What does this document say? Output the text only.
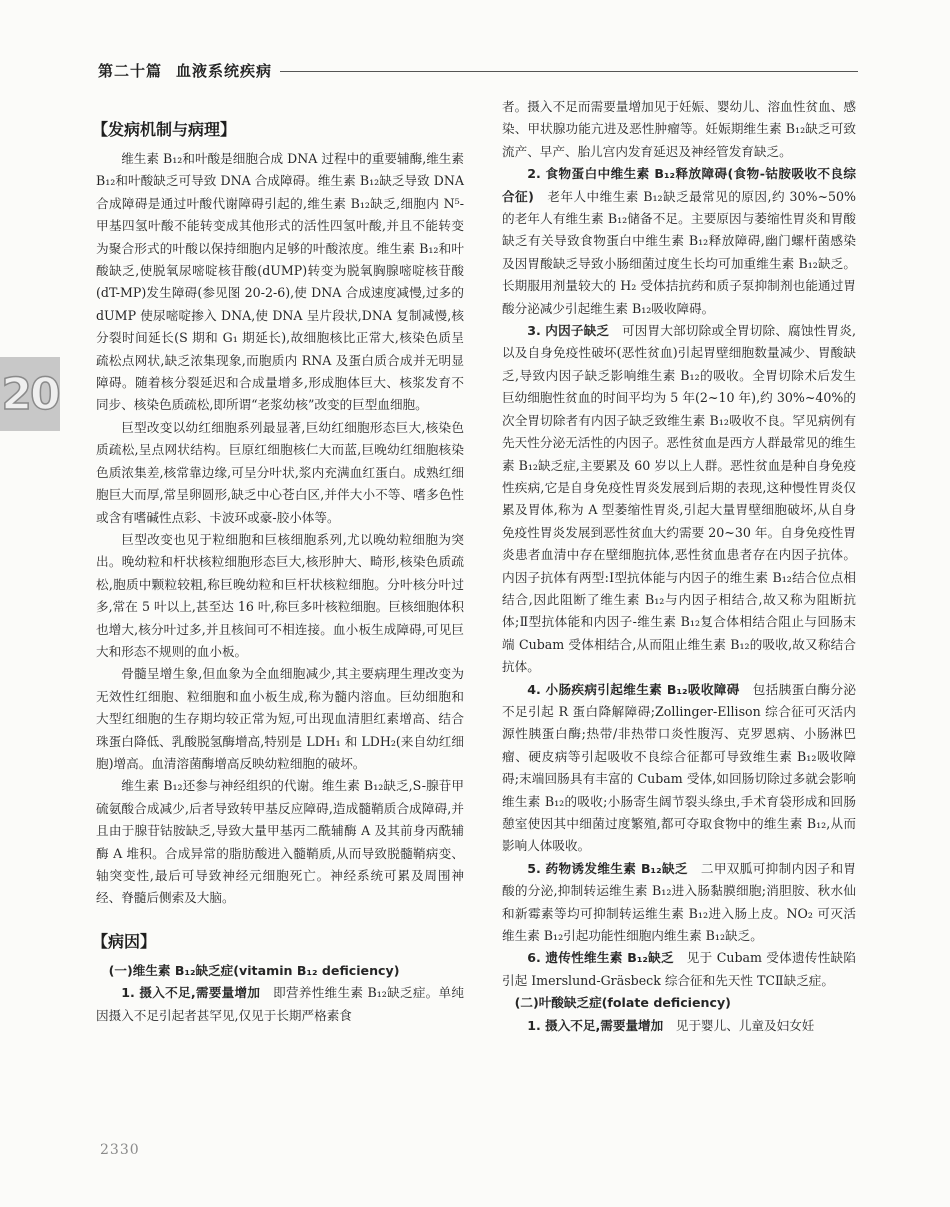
第二十篇 血液系统疾病
20
【发病机制与病理】

维生素 B₁₂和叶酸是细胞合成 DNA 过程中的重要辅酶,维生素 B₁₂和叶酸缺乏可导致 DNA 合成障碍。维生素 B₁₂缺乏导致 DNA 合成障碍是通过叶酸代谢障碍引起的,维生素 B₁₂缺乏,细胞内 N⁵-甲基四氢叶酸不能转变成其他形式的活性四氢叶酸,并且不能转变为聚合形式的叶酸以保持细胞内足够的叶酸浓度。维生素 B₁₂和叶酸缺乏,使脱氧尿嘧啶核苷酸(dUMP)转变为脱氧胸腺嘧啶核苷酸(dT-MP)发生障碍(参见图 20-2-6),使 DNA 合成速度减慢,过多的 dUMP 使尿嘧啶掺入 DNA,使 DNA 呈片段状,DNA 复制减慢,核分裂时间延长(S 期和 G₁ 期延长),故细胞核比正常大,核染色质呈疏松点网状,缺乏浓集现象,而胞质内 RNA 及蛋白质合成并无明显障碍。随着核分裂延迟和合成量增多,形成胞体巨大、核浆发育不同步、核染色质疏松,即所谓“老浆幼核”改变的巨型血细胞。

巨型改变以幼红细胞系列最显著,巨幼红细胞形态巨大,核染色质疏松,呈点网状结构。巨原红细胞核仁大而蓝,巨晚幼红细胞核染色质浓集差,核常靠边缘,可呈分叶状,浆内充满血红蛋白。成熟红细胞巨大而厚,常呈卵圆形,缺乏中心苍白区,并伴大小不等、嗜多色性或含有嗜碱性点彩、卡波环或豪-胶小体等。

巨型改变也见于粒细胞和巨核细胞系列,尤以晚幼粒细胞为突出。晚幼粒和杆状核粒细胞形态巨大,核形肿大、畸形,核染色质疏松,胞质中颗粒较粗,称巨晚幼粒和巨杆状核粒细胞。分叶核分叶过多,常在 5 叶以上,甚至达 16 叶,称巨多叶核粒细胞。巨核细胞体积也增大,核分叶过多,并且核间可不相连接。血小板生成障碍,可见巨大和形态不规则的血小板。

骨髓呈增生象,但血象为全血细胞减少,其主要病理生理改变为无效性红细胞、粒细胞和血小板生成,称为髓内溶血。巨幼细胞和大型红细胞的生存期均较正常为短,可出现血清胆红素增高、结合珠蛋白降低、乳酸脱氢酶增高,特别是 LDH₁ 和 LDH₂(来自幼红细胞)增高。血清溶菌酶增高反映幼粒细胞的破坏。

维生素 B₁₂还参与神经组织的代谢。维生素 B₁₂缺乏,S-腺苷甲硫氨酸合成减少,后者导致转甲基反应障碍,造成髓鞘质合成障碍,并且由于腺苷钴胺缺乏,导致大量甲基丙二酰辅酶 A 及其前身丙酰辅酶 A 堆积。合成异常的脂肪酸进入髓鞘质,从而导致脱髓鞘病变、轴突变性,最后可导致神经元细胞死亡。神经系统可累及周围神经、脊髓后侧索及大脑。

【病因】
(一)维生素 B₁₂缺乏症(vitamin B₁₂ deficiency)

1. 摄入不足,需要量增加　 即营养性维生素 B₁₂缺乏症。单纯因摄入不足引起者甚罕见,仅见于长期严格素食

者。摄入不足而需要量增加见于妊娠、婴幼儿、溶血性贫血、感染、甲状腺功能亢进及恶性肿瘤等。妊娠期维生素 B₁₂缺乏可致流产、早产、胎儿宫内发育延迟及神经管发育缺乏。

2. 食物蛋白中维生素 B₁₂释放障碍(食物-钴胺吸收不良综合征)　 老年人中维生素 B₁₂缺乏最常见的原因,约 30%~50%的老年人有维生素 B₁₂储备不足。主要原因与萎缩性胃炎和胃酸缺乏有关导致食物蛋白中维生素 B₁₂释放障碍,幽门螺杆菌感染及因胃酸缺乏导致小肠细菌过度生长均可加重维生素 B₁₂缺乏。长期服用剂量较大的 H₂ 受体拮抗药和质子泵抑制剂也能通过胃酸分泌减少引起维生素 B₁₂吸收障碍。

3. 内因子缺乏　 可因胃大部切除或全胃切除、腐蚀性胃炎,以及自身免疫性破坏(恶性贫血)引起胃壁细胞数量减少、胃酸缺乏,导致内因子缺乏影响维生素 B₁₂的吸收。全胃切除术后发生巨幼细胞性贫血的时间平均为 5 年(2~10 年),约 30%~40%的次全胃切除者有内因子缺乏致维生素 B₁₂吸收不良。罕见病例有先天性分泌无活性的内因子。恶性贫血是西方人群最常见的维生素 B₁₂缺乏症,主要累及 60 岁以上人群。恶性贫血是种自身免疫性疾病,它是自身免疫性胃炎发展到后期的表现,这种慢性胃炎仅累及胃体,称为 A 型萎缩性胃炎,引起大量胃壁细胞破坏,从自身免疫性胃炎发展到恶性贫血大约需要 20~30 年。自身免疫性胃炎患者血清中存在壁细胞抗体,恶性贫血患者存在内因子抗体。内因子抗体有两型:Ⅰ型抗体能与内因子的维生素 B₁₂结合位点相结合,因此阻断了维生素 B₁₂与内因子相结合,故又称为阻断抗体;Ⅱ型抗体能和内因子-维生素 B₁₂复合体相结合阻止与回肠末端 Cubam 受体相结合,从而阻止维生素 B₁₂的吸收,故又称结合抗体。

4. 小肠疾病引起维生素 B₁₂吸收障碍　 包括胰蛋白酶分泌不足引起 R 蛋白降解障碍;Zollinger-Ellison 综合征可灭活内源性胰蛋白酶;热带/非热带口炎性腹泻、克罗恩病、小肠淋巴瘤、硬皮病等引起吸收不良综合征都可导致维生素 B₁₂吸收障碍;末端回肠具有丰富的 Cubam 受体,如回肠切除过多就会影响维生素 B₁₂的吸收;小肠寄生阔节裂头绦虫,手术育袋形成和回肠憩室使因其中细菌过度繁殖,都可夺取食物中的维生素 B₁₂,从而影响人体吸收。

5. 药物诱发维生素 B₁₂缺乏　 二甲双胍可抑制内因子和胃酸的分泌,抑制转运维生素 B₁₂进入肠黏膜细胞;消胆胺、秋水仙和新霉素等均可抑制转运维生素 B₁₂进入肠上皮。NO₂ 可灭活维生素 B₁₂引起功能性细胞内维生素 B₁₂缺乏。

6. 遗传性维生素 B₁₂缺乏　 见于 Cubam 受体遗传性缺陷引起 Imerslund-Gräsbeck 综合征和先天性 TCⅡ缺乏症。

(二)叶酸缺乏症(folate deficiency)

1. 摄入不足,需要量增加　 见于婴儿、儿童及妇女妊

2330
